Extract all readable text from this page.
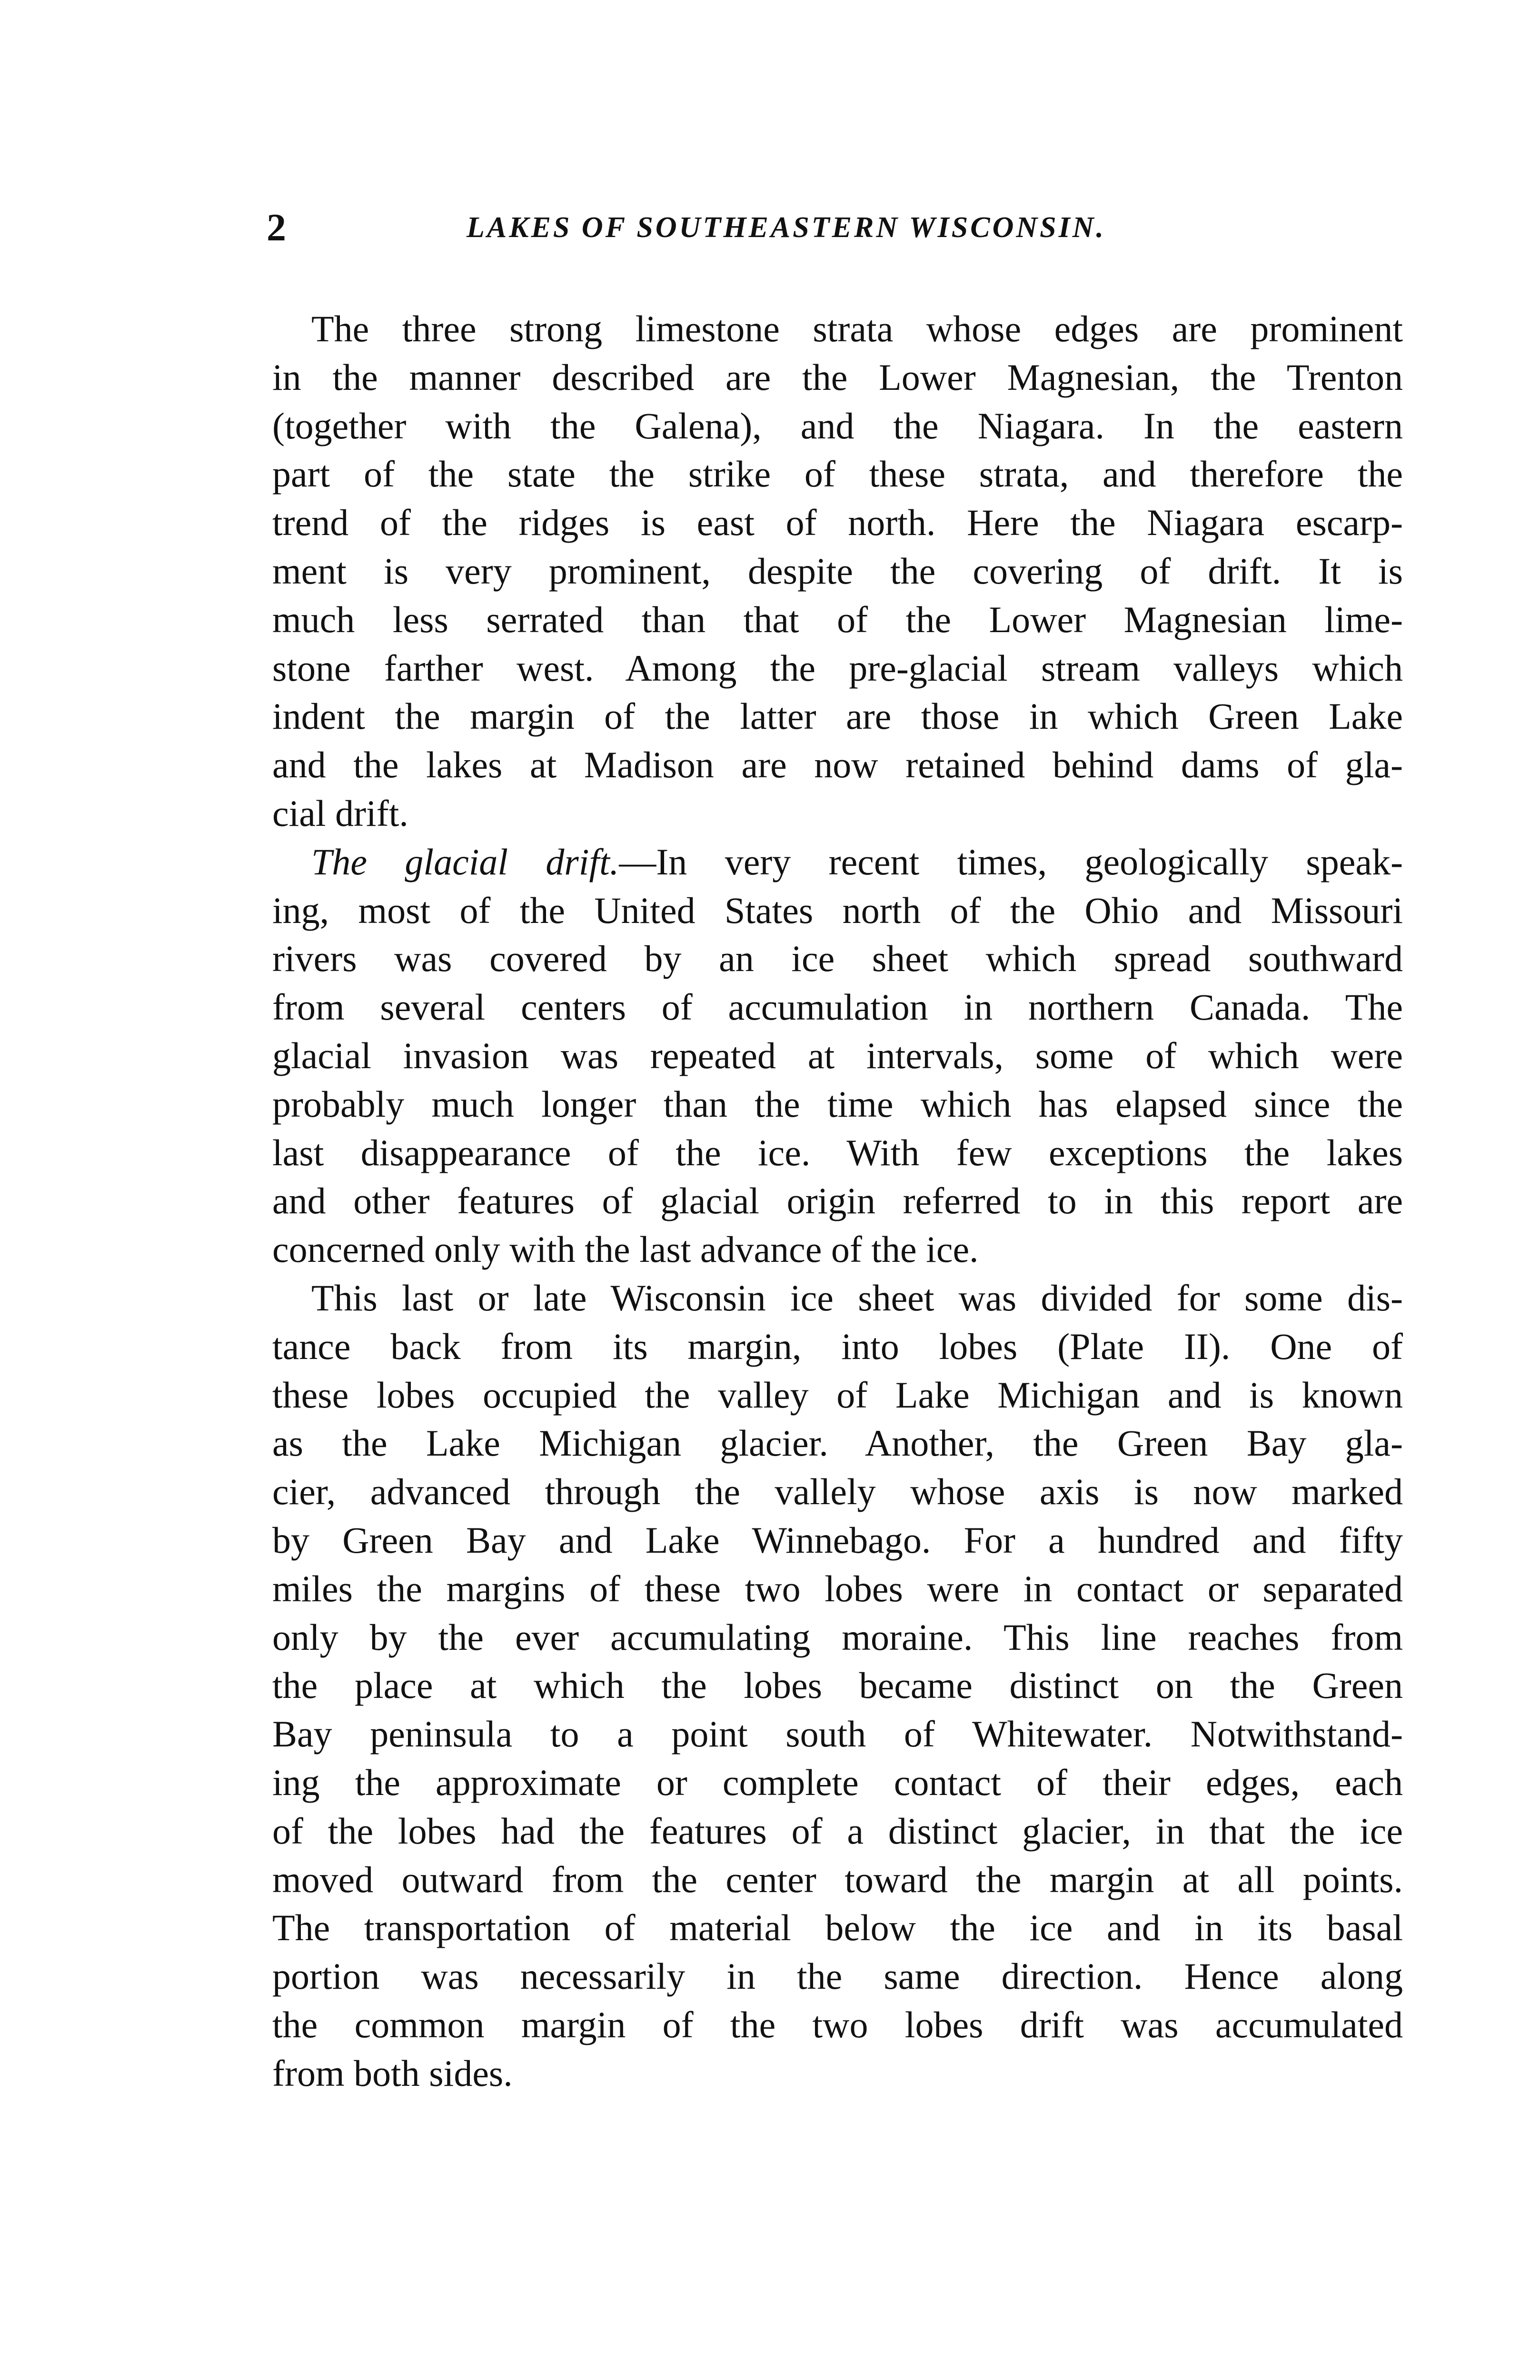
2	LAKES OF SOUTHEASTERN WISCONSIN.
The three strong limestone strata whose edges are prominent
in the manner described are the Lower Magnesian, the Trenton
(together with the Galena), and the Niagara. In the eastern
part of the state the strike of these strata, and therefore the
trend of the ridges is east of north. Here the Niagara escarp-
ment is very prominent, despite the covering of drift. It is
much less serrated than that of the Lower Magnesian lime-
stone farther west. Among the pre-glacial stream valleys which
indent the margin of the latter are those in which Green Lake
and the lakes at Madison are now retained behind dams of gla-
cial drift.
The glacial drift.—In very recent times, geologically speak-
ing, most of the United States north of the Ohio and Missouri
rivers was covered by an ice sheet which spread southward
from several centers of accumulation in northern Canada. The
glacial invasion was repeated at intervals, some of which were
probably much longer than the time which has elapsed since the
last disappearance of the ice. With few exceptions the lakes
and other features of glacial origin referred to in this report are
concerned only with the last advance of the ice.
This last or late Wisconsin ice sheet was divided for some dis-
tance back from its margin, into lobes (Plate II). One of
these lobes occupied the valley of Lake Michigan and is known
as the Lake Michigan glacier. Another, the Green Bay gla-
cier, advanced through the vallely whose axis is now marked
by Green Bay and Lake Winnebago. For a hundred and fifty
miles the margins of these two lobes were in contact or separated
only by the ever accumulating moraine. This line reaches from
the place at which the lobes became distinct on the Green
Bay peninsula to a point south of Whitewater. Notwithstand-
ing the approximate or complete contact of their edges, each
of the lobes had the features of a distinct glacier, in that the ice
moved outward from the center toward the margin at all points.
The transportation of material below the ice and in its basal
portion was necessarily in the same direction. Hence along
the common margin of the two lobes drift was accumulated
from both sides.
